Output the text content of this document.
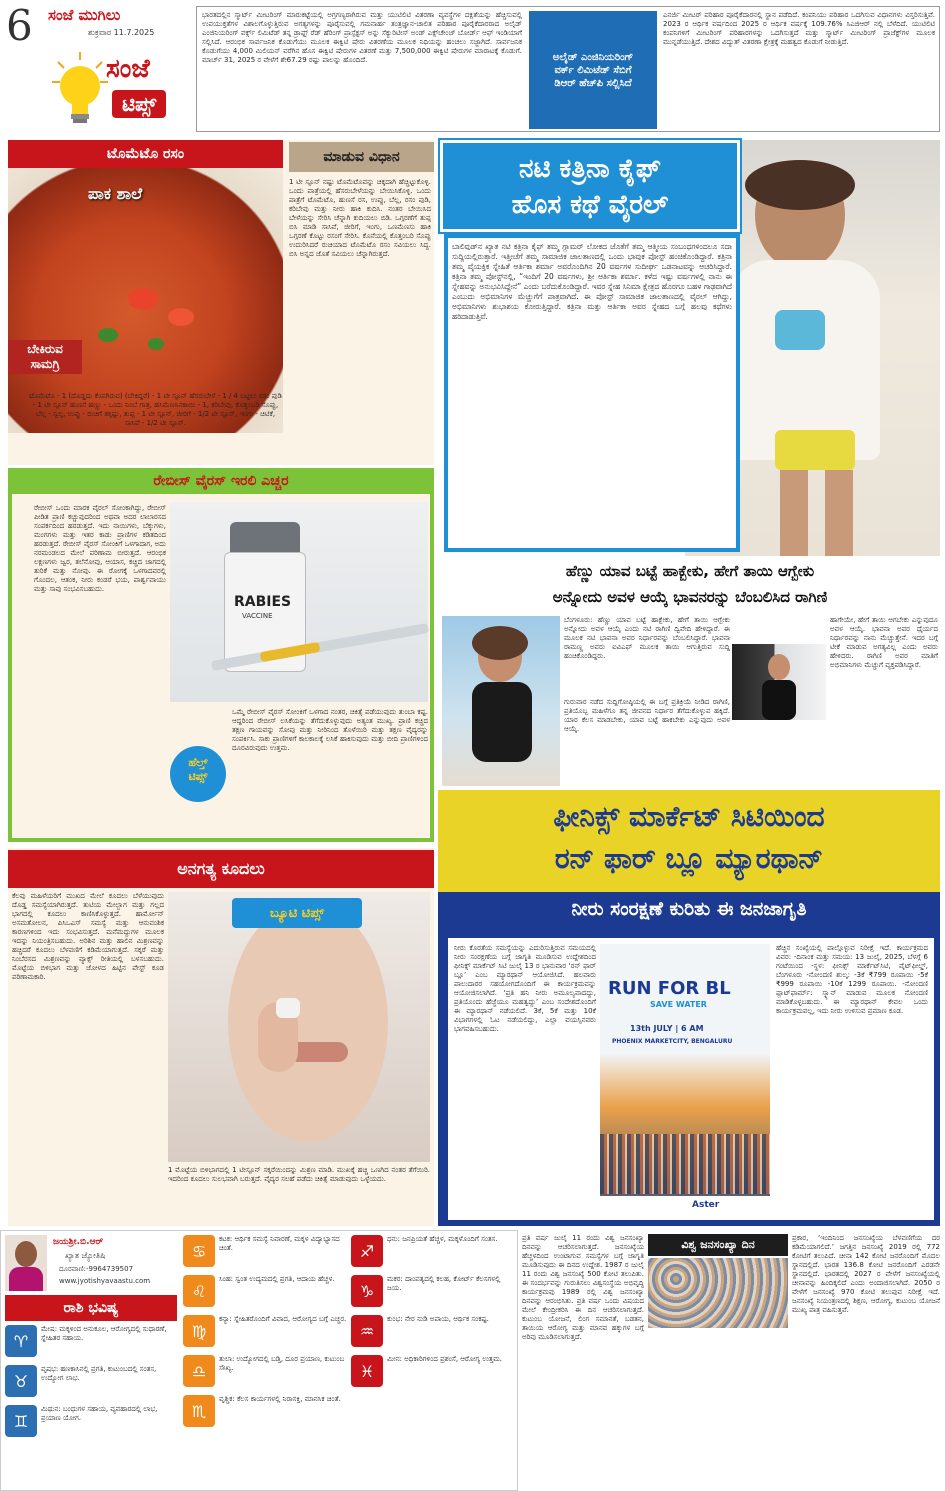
6 ಸಂಜೆ ಮುಗಿಲು
ಶುಕ್ರವಾರ 11.7.2025
ಸಂಜೆ
ಟಿಪ್ಸ್
ಭಾರತದಲ್ಲಿನ ಸ್ಮಾರ್ಟ್ ಮೀಟರಿಂಗ್ ಮಾರುಕಟ್ಟೆಯಲ್ಲಿ ಅಗ್ರಗಣ್ಯರಾಗಿರುವ ಮತ್ತು ಯುಟಿಲಿಟಿ ವಿತರಣಾ ವ್ಯವಸ್ಥೆಗಳ ದಕ್ಷತೆಯನ್ನು ಹೆಚ್ಚಿಸುವಲ್ಲಿ ಉಪಯುಕ್ತತೆಗಳ ವಿಶಾಲಗೊಳ್ಳುತ್ತಿರುವ ಅಗತ್ಯಗಳನ್ನು ಪೂರೈಸುವಲ್ಲಿ ಗಮನಾರ್ಹ ತಂತ್ರಜ್ಞಾನ-ಚಾಲಿತ ಪರಿಹಾರ ಪೂರೈಕೆದಾರರಾದ ಅಲೈಡ್ ಎಂಜಿನಿಯರಿಂಗ್ ವರ್ಕ್ಸ್ ಲಿಮಿಟೆಡ್ ತನ್ನ ಡ್ರಾಫ್ಟ್ ರೆಡ್ ಹೆರಿಂಗ್ ಪ್ರಾಸ್ಪೆಕ್ಟಸ್ ಅನ್ನು ಸೆಕ್ಯುರಿಟೀಸ್ ಅಂಡ್ ಎಕ್ಸ್‌ಚೇಂಜ್ ಬೋರ್ಡ್ ಆಫ್ ಇಂಡಿಯಾಗೆ ಸಲ್ಲಿಸಿದೆ. ಆರಂಭಿಕ ಸಾರ್ವಜನಿಕ ಕೊಡುಗೆಯು ಮೂಲಕ ಈಕ್ವಿಟಿ ಷೇರು ವಿತರಣೆಯ ಮೂಲಕ ನಿಧಿಯನ್ನು ಹಂಚಲು ಸಜ್ಜಾಗಿದೆ. ಸಾರ್ವಜನಿಕ ಕೊಡುಗೆಯು 4,000 ಮಿಲಿಯನ್ ವರೆಗಿನ ಹೊಸ ಈಕ್ವಿಟಿ ಷೇರುಗಳ ವಿತರಣೆ ಮತ್ತು 7,500,000 ಈಕ್ವಿಟಿ ಷೇರುಗಳ ಮಾರಾಟಕ್ಕೆ ಕೊಡುಗೆ. ಮಾರ್ಚ್ 31, 2025 ರ ವೇಳೆಗೆ ಶೇ67.29 ರಷ್ಟು ಪಾಲನ್ನು ಹೊಂದಿದೆ.	ಅಲೈಡ್ ಎಂಜಿನಿಯರಿಂಗ್ ವರ್ಕ್ ಲಿಮಿಟೆಡ್ ಸೆಬಿಗೆ ಡಿಆರ್ ಹೆಚ್‌ಪಿ ಸಲ್ಲಿಸಿದೆ
ಎನರ್ಜಿ ಮೀಟರ್ ಪರಿಹಾರ ಪೂರೈಕೆದಾರನಲ್ಲಿ ಸ್ಥಾನ ಪಡೆದಿದೆ. ಕಂಪನಿಯು ಪರಿಹಾರ ಒದಗಿಸುವ ವಿಧಾನಗಳು ವಿಸ್ತರಿಸುತ್ತಿವೆ. 2023 ರ ಆರ್ಥಿಕ ವರ್ಷದಿಂದ 2025 ರ ಆರ್ಥಿಕ ವರ್ಷಕ್ಕೆ 109.76% ಸಿಎಜಿಆರ್ ನಲ್ಲಿ ಬೆಳೆದಿದೆ. ಯುಟಿಲಿಟಿ ಕಂಪನಿಗಳಿಗೆ ಮೀಟರಿಂಗ್ ಪರಿಹಾರಗಳನ್ನು ಒದಗಿಸುತ್ತದೆ ಮತ್ತು ಸ್ಮಾರ್ಟ್ ಮೀಟರಿಂಗ್ ಪ್ರಾಜೆಕ್ಟ್‌ಗಳ ಮೂಲಕ ಮುನ್ನಡೆಯುತ್ತಿದೆ. ದೇಶದ ವಿದ್ಯುತ್ ವಿತರಣಾ ಕ್ಷೇತ್ರಕ್ಕೆ ಮಹತ್ವದ ಕೊಡುಗೆ ನೀಡುತ್ತಿದೆ.
ಟೊಮೆಟೊ ರಸಂ	ಮಾಡುವ ವಿಧಾನ
ಪಾಕ ಶಾಲೆ
ಬೇಕಿರುವ
ಸಾಮಗ್ರಿ
1 ಟೀ ಸ್ಪೂನ್ ನಷ್ಟು ಟೊಮೆಟೊವನ್ನು ಚಿಕ್ಕದಾಗಿ ಹೆಚ್ಚಿಟ್ಟುಕೊಳ್ಳಿ. ಒಂದು ಪಾತ್ರೆಯಲ್ಲಿ ಹೆಸರುಬೇಳೆಯನ್ನು ಬೇಯಿಸಿಕೊಳ್ಳಿ. ಒಂದು ಪಾತ್ರೆಗೆ ಟೊಮೆಟೊ, ಹುಣಸೆ ರಸ, ಉಪ್ಪು, ಬೆಲ್ಲ, ರಸಂ ಪುಡಿ, ಕರಿಬೇವು ಮತ್ತು ನೀರು ಹಾಕಿ ಕುದಿಸಿ. ನಂತರ ಬೇಯಿಸಿದ ಬೇಳೆಯನ್ನು ಸೇರಿಸಿ ಚೆನ್ನಾಗಿ ಕುದಿಯಲು ಬಿಡಿ. ಒಗ್ಗರಣೆಗೆ ತುಪ್ಪ ಬಿಸಿ ಮಾಡಿ ಸಾಸಿವೆ, ಜೀರಿಗೆ, ಇಂಗು, ಒಣಮೆಣಸು ಹಾಕಿ ಒಗ್ಗರಣೆ ಕೊಟ್ಟು ರಸಂಗೆ ಸೇರಿಸಿ. ಕೊನೆಯಲ್ಲಿ ಕೊತ್ತಂಬರಿ ಸೊಪ್ಪು ಉದುರಿಸಿದರೆ ರುಚಿಯಾದ ಟೊಮೆಟೊ ರಸಂ ಸವಿಯಲು ಸಿದ್ಧ. ಬಿಸಿ ಅನ್ನದ ಜೊತೆ ಸವಿಯಲು ಚೆನ್ನಾಗಿರುತ್ತದೆ.
ಟೊಮೆಟೊ - 1 (ದೊಡ್ಡದು ಕೆಂಪಗಿರುವ) (ಬೇಕಿದ್ದರೆ) - 1 ಟೀ ಸ್ಪೂನ್ ಹೆಸರುಬೇಳೆ - 1 / 4 ಬಟ್ಟಲು ರಸಂ ಪುಡಿ - 1 ಟೀ ಸ್ಪೂನ್ ಹುಣಸೆ ಹಣ್ಣು - ಒಂದು ನಿಂಬೆ ಗಾತ್ರ, ಹಸಿಮೆಣಸಿನಕಾಯಿ - 1, ಕರಿಬೇವು, ಕೊತ್ತಂಬರಿ ಸೊಪ್ಪು, ಬೆಲ್ಲ - ಸ್ವಲ್ಪ, ಉಪ್ಪು - ರುಚಿಗೆ ತಕ್ಕಷ್ಟು, ತುಪ್ಪ - 1 ಟೀ ಸ್ಪೂನ್, ಜೀರಿಗೆ - 1/2 ಟೀ ಸ್ಪೂನ್, ಇಂಗು - ಚಿಟಿಕೆ, ಸಾಸಿವೆ - 1/2 ಟೀ ಸ್ಪೂನ್.
ನಟಿ ಕತ್ರಿನಾ ಕೈಫ್
ಹೊಸ ಕಥೆ ವೈರಲ್
ಬಾಲಿವುಡ್‌ನ ಖ್ಯಾತ ನಟಿ ಕತ್ರಿನಾ ಕೈಫ್ ತಮ್ಮ ಗ್ಲಾಮರ್ ಲೋಕದ ಜೊತೆಗೆ ತಮ್ಮ ಆತ್ಮೀಯ ಸಂಬಂಧಗಳಿಂದಲೂ ಸದಾ ಸುದ್ದಿಯಲ್ಲಿರುತ್ತಾರೆ. ಇತ್ತೀಚೆಗೆ ತಮ್ಮ ಸಾಮಾಜಿಕ ಜಾಲತಾಣದಲ್ಲಿ ಒಂದು ಭಾವುಕ ಪೋಸ್ಟ್ ಹಂಚಿಕೊಂಡಿದ್ದಾರೆ. ಕತ್ರಿನಾ ತಮ್ಮ ವೈಯಕ್ತಿಕ ಸ್ನೇಹಿತೆ ಆರ್ತಿಕಾ ಶರ್ಮಾ ಅವರೊಂದಿಗಿನ 20 ವರ್ಷಗಳ ಸುದೀರ್ಘ ಒಡನಾಟವನ್ನು ಆಚರಿಸಿದ್ದಾರೆ. ಕತ್ರಿನಾ ತಮ್ಮ ಪೋಸ್ಟ್‌ನಲ್ಲಿ, “ಇಂದಿಗೆ 20 ವರ್ಷಗಳು, ಶ್ರೀ ಆರ್ತಿಕಾ ಶರ್ಮಾ. ಕಳೆದ ಇಷ್ಟು ವರ್ಷಗಳಲ್ಲಿ ನಾನು ಈ ಸ್ನೇಹವನ್ನು ಅನುಭವಿಸಿದ್ದೇನೆ” ಎಂದು ಬರೆದುಕೊಂಡಿದ್ದಾರೆ. ಇವರ ಸ್ನೇಹ ಸಿನಿಮಾ ಕ್ಷೇತ್ರದ ಹೊರಗೂ ಬಹಳ ಗಾಢವಾಗಿದೆ ಎಂಬುದು ಅಭಿಮಾನಿಗಳ ಮೆಚ್ಚುಗೆಗೆ ಪಾತ್ರವಾಗಿದೆ. ಈ ಪೋಸ್ಟ್ ಸಾಮಾಜಿಕ ಜಾಲತಾಣದಲ್ಲಿ ವೈರಲ್ ಆಗಿದ್ದು, ಅಭಿಮಾನಿಗಳು ಶುಭಾಶಯ ಕೋರುತ್ತಿದ್ದಾರೆ. ಕತ್ರಿನಾ ಮತ್ತು ಆರ್ತಿಕಾ ಅವರ ಸ್ನೇಹದ ಬಗ್ಗೆ ಹಲವು ಕಥೆಗಳು ಹರಿದಾಡುತ್ತಿವೆ.
ರೇಬೀಸ್ ವೈರಸ್ ಇರಲಿ ಎಚ್ಚರ
ರೇಬೀಸ್ ಒಂದು ಮಾರಕ ವೈರಲ್ ಸೋಂಕಾಗಿದ್ದು, ರೇಬೀಸ್ ಪೀಡಿತ ಪ್ರಾಣಿ ಕಚ್ಚುವುದರಿಂದ ಅಥವಾ ಅದರ ಲಾಲಾರಸದ ಸಂಪರ್ಕದಿಂದ ಹರಡುತ್ತದೆ. ಇದು ನಾಯಿಗಳು, ಬೆಕ್ಕುಗಳು, ಮಂಗಗಳು ಮತ್ತು ಇತರ ಕಾಡು ಪ್ರಾಣಿಗಳ ಕಡಿತದಿಂದ ಹರಡುತ್ತದೆ. ರೇಬೀಸ್ ವೈರಸ್ ಸೋಂಕಿಗೆ ಒಳಗಾದಾಗ, ಅದು ನರಮಂಡಲದ ಮೇಲೆ ಪರಿಣಾಮ ಬೀರುತ್ತದೆ. ಆರಂಭಿಕ ಲಕ್ಷಣಗಳು ಜ್ವರ, ತಲೆನೋವು, ಆಯಾಸ, ಕಚ್ಚಿದ ಜಾಗದಲ್ಲಿ ತುರಿಕೆ ಮತ್ತು ನೋವು. ಈ ರೋಗಕ್ಕೆ ಒಳಗಾದವರಲ್ಲಿ ಗೊಂದಲ, ಆತಂಕ, ನೀರು ಕಂಡರೆ ಭಯ, ಪಾರ್ಶ್ವವಾಯು ಮತ್ತು ಸಾವು ಸಂಭವಿಸಬಹುದು.
RABIES
VACCINE
ಒಮ್ಮೆ ರೇಬೀಸ್ ವೈರಸ್ ಸೋಂಕಿಗೆ ಒಳಗಾದ ನಂತರ, ಚಿಕಿತ್ಸೆ ಪಡೆಯುವುದು ತುಂಬಾ ಕಷ್ಟ. ಆದ್ದರಿಂದ ರೇಬೀಸ್ ಲಸಿಕೆಯನ್ನು ತೆಗೆದುಕೊಳ್ಳುವುದು ಅತ್ಯಂತ ಮುಖ್ಯ. ಪ್ರಾಣಿ ಕಚ್ಚಿದ ತಕ್ಷಣ ಗಾಯವನ್ನು ಸೋಪು ಮತ್ತು ನೀರಿನಿಂದ ತೊಳೆಯಿರಿ ಮತ್ತು ತಕ್ಷಣ ವೈದ್ಯರನ್ನು ಸಂಪರ್ಕಿಸಿ. ಸಾಕು ಪ್ರಾಣಿಗಳಿಗೆ ಕಾಲಕಾಲಕ್ಕೆ ಲಸಿಕೆ ಹಾಕಿಸುವುದು ಮತ್ತು ಬೀದಿ ಪ್ರಾಣಿಗಳಿಂದ ದೂರವಿರುವುದು ಉತ್ತಮ.
ಹೆಲ್ತ್
ಟಿಪ್ಸ್
ಹೆಣ್ಣು ಯಾವ ಬಟ್ಟೆ ಹಾಕ್ಬೇಕು, ಹೇಗೆ ತಾಯಿ ಆಗ್ಬೇಕು
ಅನ್ನೋದು ಅವಳ ಆಯ್ಕೆ ಭಾವನರನ್ನು ಬೆಂಬಲಿಸಿದ ರಾಗಿಣಿ
ಬೆಂಗಳೂರು: ಹೆಣ್ಣು ಯಾವ ಬಟ್ಟೆ ಹಾಕ್ಬೇಕು, ಹೇಗೆ ತಾಯಿ ಆಗ್ಬೇಕು ಅನ್ನೋದು ಅವಳ ಆಯ್ಕೆ ಎಂದು ನಟಿ ರಾಗಿಣಿ ದ್ವಿವೇದಿ ಹೇಳಿದ್ದಾರೆ. ಈ ಮೂಲಕ ನಟಿ ಭಾವನಾ ಅವರ ನಿರ್ಧಾರವನ್ನು ಬೆಂಬಲಿಸಿದ್ದಾರೆ. ಭಾವನಾ ರಾಮಣ್ಣ ಅವರು ಐವಿಎಫ್ ಮೂಲಕ ತಾಯಿ ಆಗುತ್ತಿರುವ ಸುದ್ದಿ ಹಂಚಿಕೊಂಡಿದ್ದರು.
ಗುರುವಾರ ನಡೆದ ಸುದ್ದಿಗೋಷ್ಠಿಯಲ್ಲಿ ಈ ಬಗ್ಗೆ ಪ್ರತಿಕ್ರಿಯೆ ನೀಡಿದ ರಾಗಿಣಿ, ಪ್ರತಿಯೊಬ್ಬ ಮಹಿಳೆಗೂ ತನ್ನ ಜೀವನದ ನಿರ್ಧಾರ ತೆಗೆದುಕೊಳ್ಳುವ ಹಕ್ಕಿದೆ. ಯಾರ ಕೆಲಸ ಮಾಡಬೇಕು, ಯಾವ ಬಟ್ಟೆ ಹಾಕಬೇಕು ಎನ್ನುವುದು ಅವಳ ಆಯ್ಕೆ.
ಹಾಗೇಯೇ, ಹೇಗೆ ತಾಯಿ ಆಗಬೇಕು ಎನ್ನುವುದೂ ಅವಳ ಆಯ್ಕೆ. ಭಾವನಾ ಅವರ ಧೈರ್ಯದ ನಿರ್ಧಾರವನ್ನು ನಾನು ಮೆಚ್ಚುತ್ತೇನೆ. ಇದರ ಬಗ್ಗೆ ಟೀಕೆ ಮಾಡುವ ಅಗತ್ಯವಿಲ್ಲ ಎಂದು ಅವರು ಹೇಳಿದರು. ರಾಗಿಣಿ ಅವರ ಮಾತಿಗೆ ಅಭಿಮಾನಿಗಳು ಮೆಚ್ಚುಗೆ ವ್ಯಕ್ತಪಡಿಸಿದ್ದಾರೆ.
ಅನಗತ್ಯ ಕೂದಲು
ಕೆಲವು ಮಹಿಳೆಯರಿಗೆ ಮುಖದ ಮೇಲೆ ಕೂದಲು ಬೆಳೆಯುವುದು ದೊಡ್ಡ ಸಮಸ್ಯೆಯಾಗಿರುತ್ತದೆ. ತುಟಿಯ ಮೇಲ್ಭಾಗ ಮತ್ತು ಗಲ್ಲದ ಭಾಗದಲ್ಲಿ ಕೂದಲು ಕಾಣಿಸಿಕೊಳ್ಳುತ್ತದೆ. ಹಾರ್ಮೋನ್ ಅಸಮತೋಲನ, ಪಿಸಿಒಎಸ್ ಸಮಸ್ಯೆ ಮತ್ತು ಆನುವಂಶಿಕ ಕಾರಣಗಳಿಂದ ಇದು ಸಂಭವಿಸುತ್ತದೆ. ಮನೆಮದ್ದುಗಳ ಮೂಲಕ ಇದನ್ನು ನಿಯಂತ್ರಿಸಬಹುದು. ಅರಿಶಿನ ಮತ್ತು ಹಾಲಿನ ಮಿಶ್ರಣವನ್ನು ಹಚ್ಚಿದರೆ ಕೂದಲು ಬೆಳವಣಿಗೆ ಕಡಿಮೆಯಾಗುತ್ತದೆ. ಸಕ್ಕರೆ ಮತ್ತು ನಿಂಬೆರಸದ ಮಿಶ್ರಣವನ್ನು ವ್ಯಾಕ್ಸ್ ರೀತಿಯಲ್ಲಿ ಬಳಸಬಹುದು. ಮೊಟ್ಟೆಯ ಬಿಳಿಭಾಗ ಮತ್ತು ಜೋಳದ ಹಿಟ್ಟಿನ ಪೇಸ್ಟ್ ಕೂಡ ಪರಿಣಾಮಕಾರಿ.
ಬ್ಯೂಟಿ ಟಿಪ್ಸ್
1 ಮೊಟ್ಟೆಯ ಬಿಳಿಭಾಗದಲ್ಲಿ 1 ಟೀಸ್ಪೂನ್ ಸಕ್ಕರೆಯಿಂದನ್ನು ಮಿಶ್ರಣ ಮಾಡಿ. ಮುಖಕ್ಕೆ ಹಚ್ಚಿ ಒಣಗಿದ ನಂತರ ತೆಗೆಯಿರಿ. ಇದರಿಂದ ಕೂದಲು ಸುಲಭವಾಗಿ ಬರುತ್ತದೆ. ವೈದ್ಯರ ಸಲಹೆ ಪಡೆದು ಚಿಕಿತ್ಸೆ ಮಾಡುವುದು ಒಳ್ಳೆಯದು.
ಫೀನಿಕ್ಸ್ ಮಾರ್ಕೆಟ್ ಸಿಟಿಯಿಂದ
ರನ್ ಫಾರ್ ಬ್ಲೂ ಮ್ಯಾರಥಾನ್
ನೀರು ಸಂರಕ್ಷಣೆ ಕುರಿತು ಈ ಜನಜಾಗೃತಿ
ನೀರು ಕೊರತೆಯ ಸಮಸ್ಯೆಯನ್ನು ಎದುರಿಸುತ್ತಿರುವ ಸಮಯದಲ್ಲಿ ನೀರು ಸಂರಕ್ಷಣೆಯ ಬಗ್ಗೆ ಜಾಗೃತಿ ಮೂಡಿಸುವ ಉದ್ದೇಶದಿಂದ ಫೀನಿಕ್ಸ್ ಮಾರ್ಕೆಟ್ ಸಿಟಿ ಜುಲೈ 13 ರ ಭಾನುವಾರ ‘ರನ್ ಫಾರ್ ಬ್ಲೂ’ ಎಂಬ ಮ್ಯಾರಥಾನ್ ಆಯೋಜಿಸಿದೆ. ಹಲವಾರು ಪಾಲುದಾರರ ಸಹಯೋಗದೊಂದಿಗೆ ಈ ಕಾರ್ಯಕ್ರಮವನ್ನು ಆಯೋಜಿಸಲಾಗಿದೆ. ‘ಪ್ರತಿ ಹನಿ ನೀರು ಅಮೂಲ್ಯವಾದದ್ದು, ಪ್ರತಿಯೊಂದು ಹೆಜ್ಜೆಯೂ ಮಹತ್ವದ್ದು’ ಎಂಬ ಸಂದೇಶದೊಂದಿಗೆ ಈ ಮ್ಯಾರಥಾನ್ ನಡೆಯಲಿದೆ. 3ಕೆ, 5ಕೆ ಮತ್ತು 10ಕೆ ವಿಭಾಗಗಳಲ್ಲಿ ಓಟ ನಡೆಯಲಿದ್ದು, ಎಲ್ಲಾ ವಯಸ್ಸಿನವರು ಭಾಗವಹಿಸಬಹುದು.
RUN FOR BL
SAVE WATER
13th JULY | 6 AM
PHOENIX MARKETCITY, BENGALURU
Aster
ಹೆಚ್ಚಿನ ಸಂಖ್ಯೆಯಲ್ಲಿ ಪಾಲ್ಗೊಳ್ಳುವ ನಿರೀಕ್ಷೆ ಇದೆ. ಕಾರ್ಯಕ್ರಮದ ವಿವರ: -ದಿನಾಂಕ ಮತ್ತು ಸಮಯ: 13 ಜುಲೈ, 2025, ಬೆಳಗ್ಗೆ 6 ಗಂಟೆಯಿಂದ -ಸ್ಥಳ: ಫೀನಿಕ್ಸ್ ಮಾರ್ಕೆಟ್‌ಸಿಟಿ, ವೈಟ್‌ಫೀಲ್ಡ್, ಬೆಂಗಳೂರು -ನೋಂದಣಿ ಶುಲ್ಕ: -3ಕೆ ₹799 ರೂಪಾಯಿ -5ಕೆ ₹999 ರೂಪಾಯಿ -10ಕೆ 1299 ರೂಪಾಯಿ. -ನೋಂದಣಿ ಪ್ಲಾಟ್‌ಫಾರ್ಮ್: ಸ್ಕ್ಯಾನ್ ಮಾಡುವ ಮೂಲಕ ನೋಂದಣಿ ಮಾಡಿಕೊಳ್ಳಬಹುದು. ಈ ಮ್ಯಾರಥಾನ್ ಕೇವಲ ಒಂದು ಕಾರ್ಯಕ್ರಮವಲ್ಲ, ಇದು ನೀರು ಉಳಿಸುವ ಪ್ರಮಾಣ ಕೂಡ.
ಜಯಶ್ರೀ.ಬಿ.ಆರ್
ಖ್ಯಾತ ಜ್ಯೋತಿಷಿ
ದೂರವಾಣಿ:-9964739507
www.jyotishyavaastu.com
ರಾಶಿ ಭವಿಷ್ಯ
♈
ಮೇಷ: ಮಕ್ಕಳಿಂದ ಅನುಕೂಲ, ಆರೋಗ್ಯದಲ್ಲಿ ಸುಧಾರಣೆ, ಸ್ನೇಹಿತರ ಸಹಾಯ.
♉
ವೃಷಭ: ಹಣಕಾಸಿನಲ್ಲಿ ಪ್ರಗತಿ, ಕುಟುಂಬದಲ್ಲಿ ಸಂತಸ, ಉದ್ಯೋಗ ಲಾಭ.
♊
ಮಿಥುನ: ಬಂಧುಗಳ ಸಹಾಯ, ವ್ಯವಹಾರದಲ್ಲಿ ಲಾಭ, ಪ್ರಯಾಣ ಯೋಗ.
♋
ಕಟಕ: ಆರ್ಥಿಕ ಸಮಸ್ಯೆ ನಿವಾರಣೆ, ಮಕ್ಕಳ ವಿದ್ಯಾಭ್ಯಾಸದ ಚಿಂತೆ.
♌
ಸಿಂಹ: ಸ್ವಂತ ಉದ್ಯಮದಲ್ಲಿ ಪ್ರಗತಿ, ಆದಾಯ ಹೆಚ್ಚಳ.
♍
ಕನ್ಯಾ: ಸ್ನೇಹಿತರೊಂದಿಗೆ ವಿವಾದ, ಆರೋಗ್ಯದ ಬಗ್ಗೆ ಎಚ್ಚರ.
♎
ತುಲಾ: ಉದ್ಯೋಗದಲ್ಲಿ ಬಡ್ತಿ, ದೂರ ಪ್ರಯಾಣ, ಕುಟುಂಬ ಸೌಖ್ಯ.
♏
ವೃಶ್ಚಿಕ: ಕೆಲಸ ಕಾರ್ಯಗಳಲ್ಲಿ ನಿರಾಸಕ್ತಿ, ಮಾನಸಿಕ ಚಿಂತೆ.
♐
ಧನು: ಜನಪ್ರಿಯತೆ ಹೆಚ್ಚಳ, ಮಕ್ಕಳೊಂದಿಗೆ ಸಂತಸ.
♑
ಮಕರ: ದಾಂಪತ್ಯದಲ್ಲಿ ಕಲಹ, ಕೋರ್ಟ್ ಕೆಲಸಗಳಲ್ಲಿ ಜಯ.
♒
ಕುಂಭ: ನೇರ ನುಡಿ ಅಪಾಯ, ಆರ್ಥಿಕ ಸಂಕಷ್ಟ.
♓
ಮೀನ: ಅಧಿಕಾರಿಗಳಿಂದ ಪ್ರಶಂಸೆ, ಆರೋಗ್ಯ ಉತ್ತಮ.
ಪ್ರತಿ ವರ್ಷ ಜುಲೈ 11 ರಂದು ವಿಶ್ವ ಜನಸಂಖ್ಯಾ ದಿನವನ್ನು ಆಚರಿಸಲಾಗುತ್ತದೆ. ಜನಸಂಖ್ಯೆಯ ಹೆಚ್ಚಳದಿಂದ ಉಂಟಾಗುವ ಸಮಸ್ಯೆಗಳ ಬಗ್ಗೆ ಜಾಗೃತಿ ಮೂಡಿಸುವುದು ಈ ದಿನದ ಉದ್ದೇಶ. 1987 ರ ಜುಲೈ 11 ರಂದು ವಿಶ್ವ ಜನಸಂಖ್ಯೆ 500 ಕೋಟಿ ತಲುಪಿತು. ಈ ಸಂದರ್ಭವನ್ನು ಗುರುತಿಸಲು ವಿಶ್ವಸಂಸ್ಥೆಯ ಅಭಿವೃದ್ಧಿ ಕಾರ್ಯಕ್ರಮವು 1989 ರಲ್ಲಿ ವಿಶ್ವ ಜನಸಂಖ್ಯಾ ದಿನವನ್ನು ಆರಂಭಿಸಿತು. ಪ್ರತಿ ವರ್ಷ ಒಂದು ವಿಷಯದ ಮೇಲೆ ಕೇಂದ್ರೀಕರಿಸಿ ಈ ದಿನ ಆಚರಿಸಲಾಗುತ್ತದೆ. ಕುಟುಂಬ ಯೋಜನೆ, ಲಿಂಗ ಸಮಾನತೆ, ಬಡತನ, ತಾಯಿಯ ಆರೋಗ್ಯ ಮತ್ತು ಮಾನವ ಹಕ್ಕುಗಳ ಬಗ್ಗೆ ಅರಿವು ಮೂಡಿಸಲಾಗುತ್ತದೆ.
ವಿಶ್ವ ಜನಸಂಖ್ಯಾ ದಿನ	ಪ್ರಕಾರ, ‘ಇಂದಿನಿಂದ ಜನಸಂಖ್ಯೆಯ ಬೆಳವಣಿಗೆಯ ದರ ಕಡಿಮೆಯಾಗಲಿದೆ.’ ಜಗತ್ತಿನ ಜನಸಂಖ್ಯೆ 2019 ರಲ್ಲಿ 772 ಕೋಟಿಗೆ ತಲುಪಿದೆ. ಚೀನಾ 142 ಕೋಟಿ ಜನರೊಂದಿಗೆ ಮೊದಲ ಸ್ಥಾನದಲ್ಲಿದೆ. ಭಾರತ 136.8 ಕೋಟಿ ಜನರೊಂದಿಗೆ ಎರಡನೇ ಸ್ಥಾನದಲ್ಲಿದೆ. ಭಾರತದಲ್ಲಿ 2027 ರ ವೇಳೆಗೆ ಜನಸಂಖ್ಯೆಯಲ್ಲಿ ಚೀನಾವನ್ನು ಹಿಂದಿಕ್ಕಲಿದೆ ಎಂದು ಅಂದಾಜಿಸಲಾಗಿದೆ. 2050 ರ ವೇಳೆಗೆ ಜನಸಂಖ್ಯೆ 970 ಕೋಟಿ ತಲುಪುವ ನಿರೀಕ್ಷೆ ಇದೆ. ಜನಸಂಖ್ಯೆ ನಿಯಂತ್ರಣದಲ್ಲಿ ಶಿಕ್ಷಣ, ಆರೋಗ್ಯ, ಕುಟುಂಬ ಯೋಜನೆ ಮುಖ್ಯ ಪಾತ್ರ ವಹಿಸುತ್ತವೆ.
